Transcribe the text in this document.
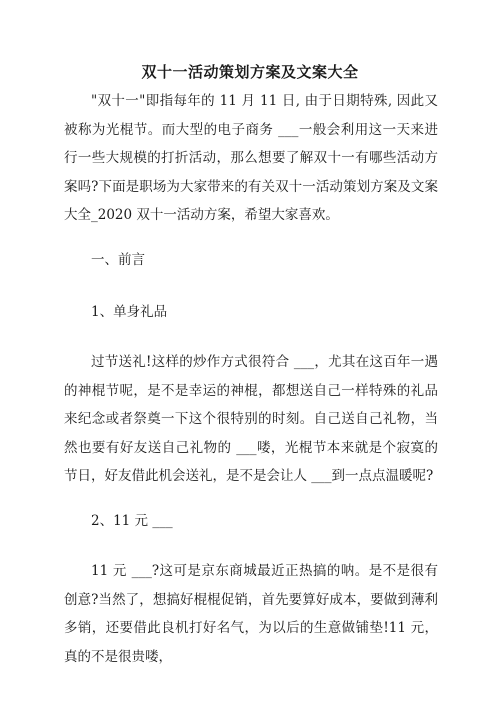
双十一活动策划方案及文案大全

"双十一"即指每年的 11 月 11 日, 由于日期特殊, 因此又被称为光棍节。而大型的电子商务 ___一般会利用这一天来进行一些大规模的打折活动，那么想要了解双十一有哪些活动方案吗?下面是职场为大家带来的有关双十一活动策划方案及文案大全_2020 双十一活动方案，希望大家喜欢。

一、前言

1、单身礼品

过节送礼!这样的炒作方式很符合 ___，尤其在这百年一遇的神棍节呢，是不是幸运的神棍，都想送自己一样特殊的礼品来纪念或者祭奠一下这个很特别的时刻。自己送自己礼物，当然也要有好友送自己礼物的 ___喽，光棍节本来就是个寂寞的节日，好友借此机会送礼，是不是会让人 ___到一点点温暖呢?

2、11 元 ___

11 元 ___?这可是京东商城最近正热搞的呐。是不是很有创意?当然了，想搞好棍棍促销，首先要算好成本，要做到薄利多销，还要借此良机打好名气，为以后的生意做铺垫!11 元，真的不是很贵喽，
